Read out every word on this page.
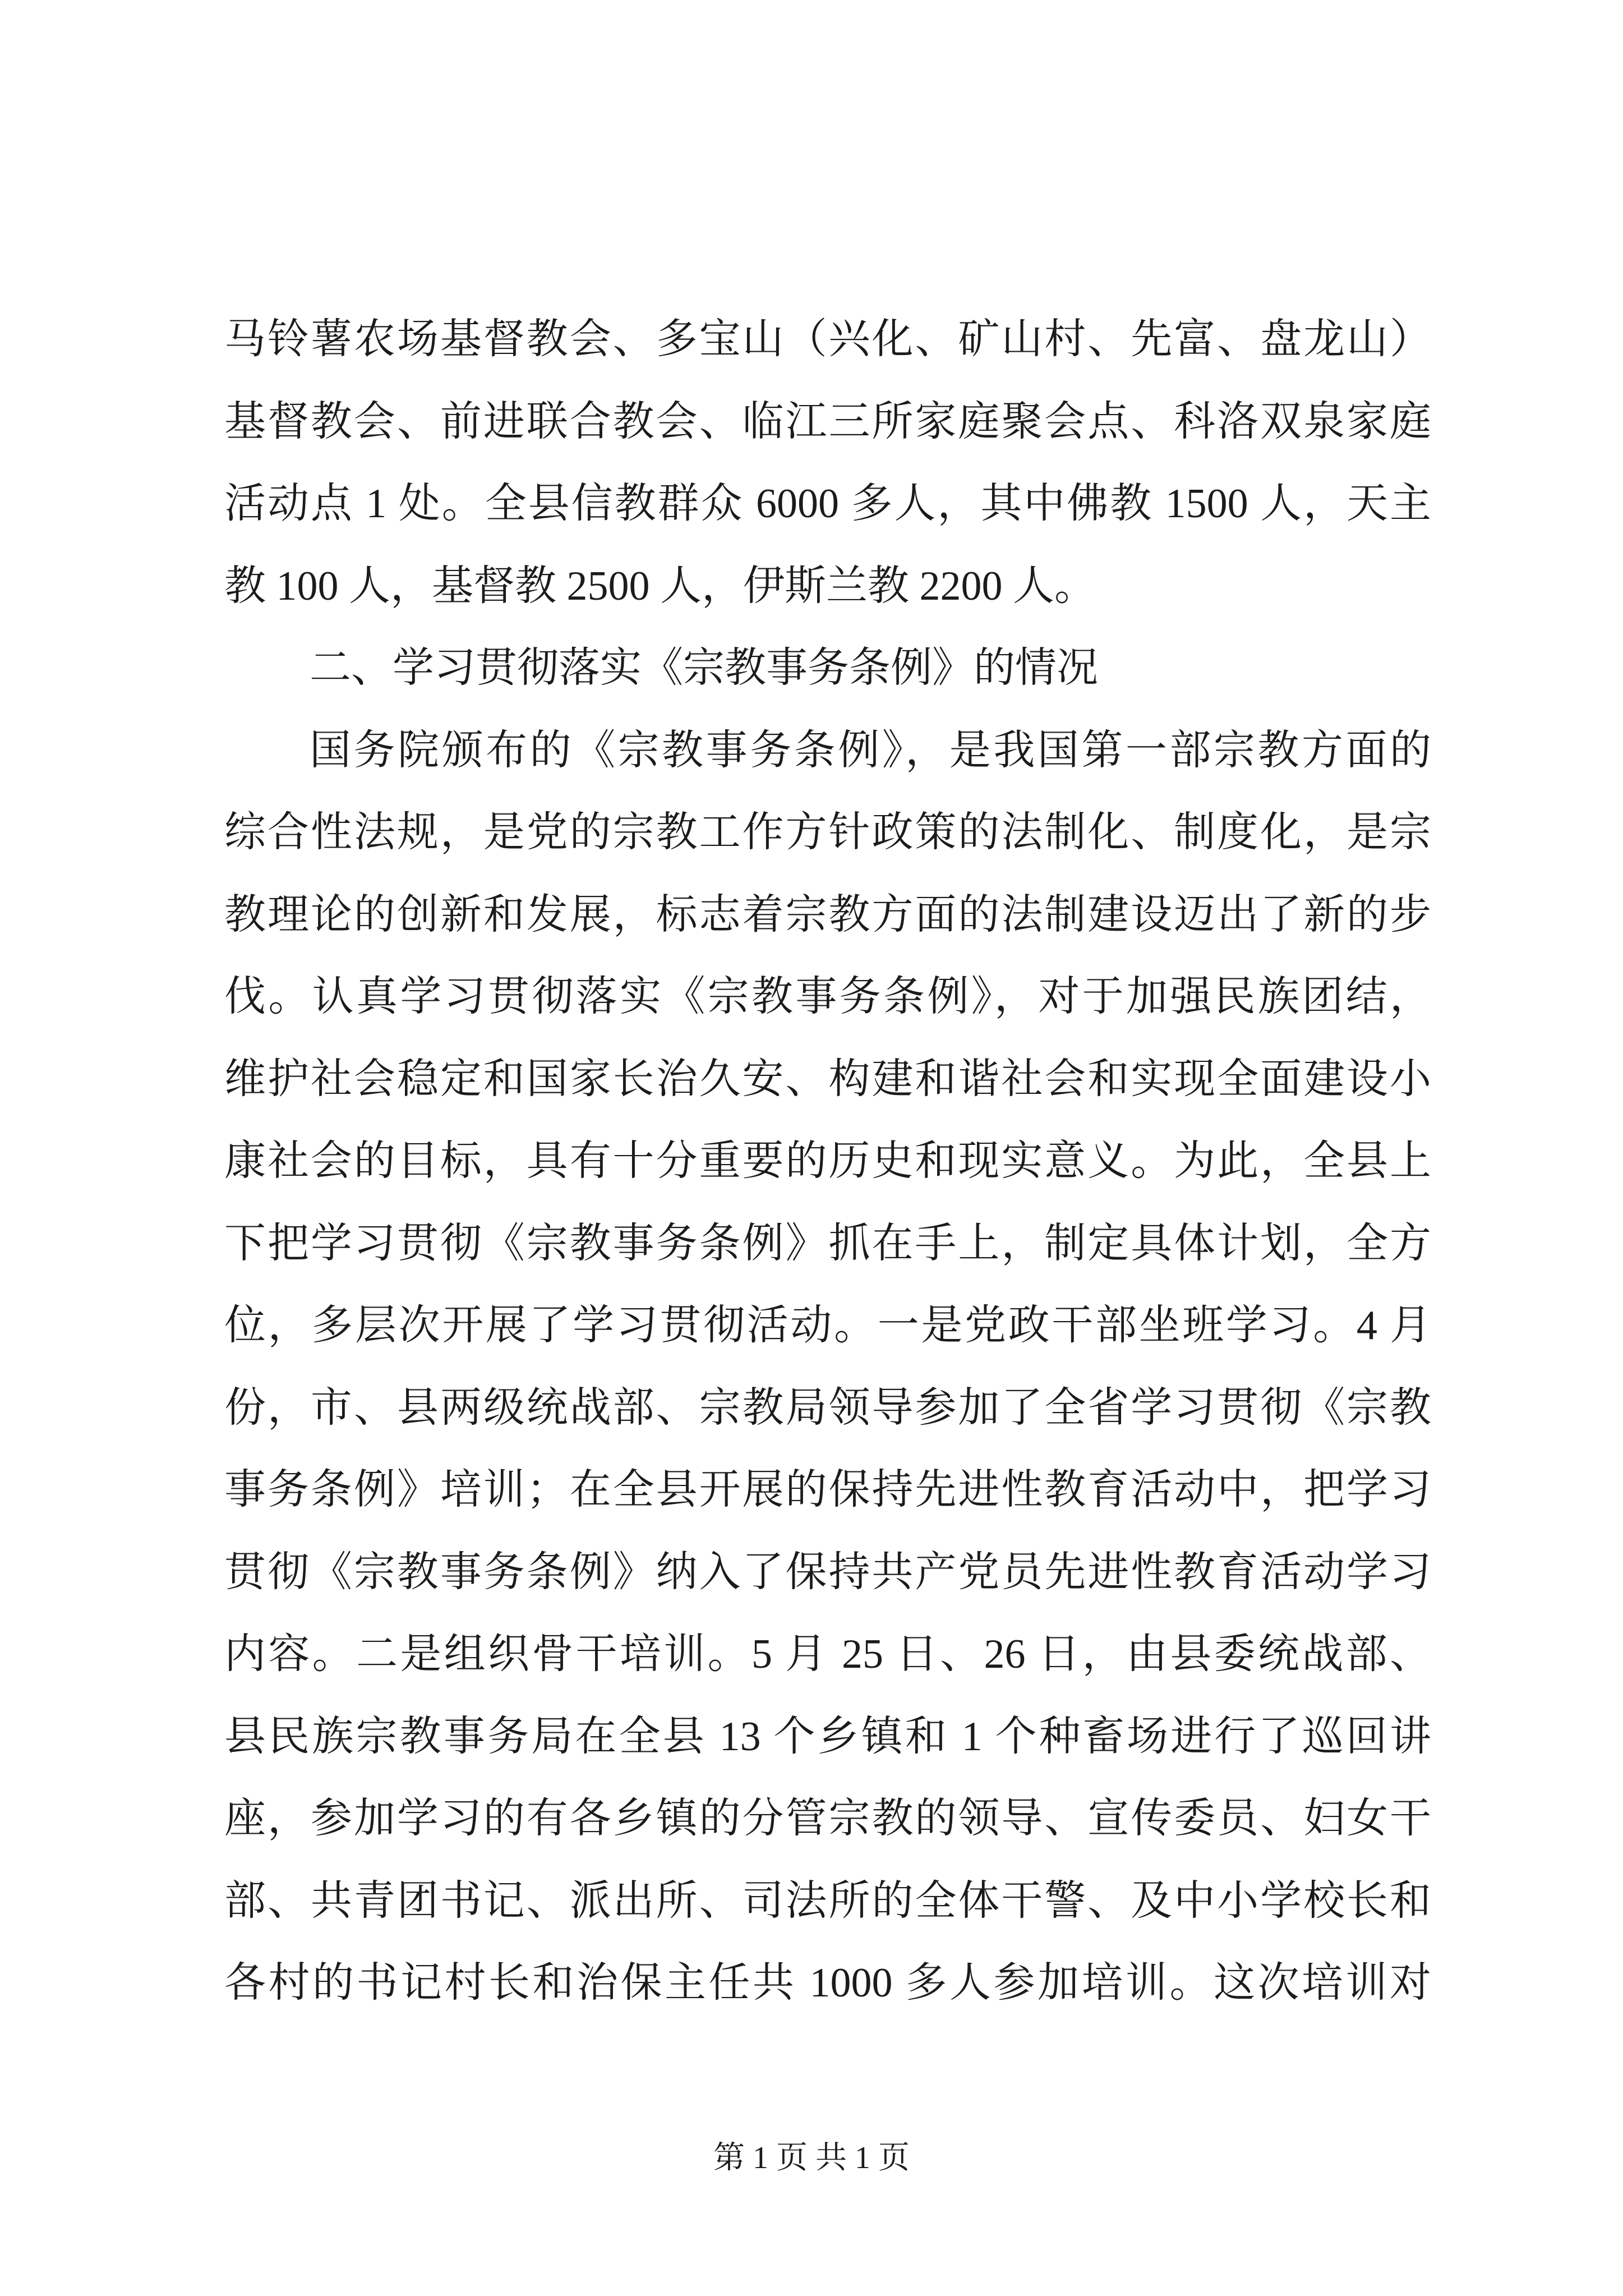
马铃薯农场基督教会、多宝山（兴化、矿山村、先富、盘龙山）
基督教会、前进联合教会、临江三所家庭聚会点、科洛双泉家庭
活动点 1 处。全县信教群众 6000 多人，其中佛教 1500 人，天主
教 100 人，基督教 2500 人，伊斯兰教 2200 人。
二、学习贯彻落实《宗教事务条例》的情况
国务院颁布的《宗教事务条例》，是我国第一部宗教方面的
综合性法规，是党的宗教工作方针政策的法制化、制度化，是宗
教理论的创新和发展，标志着宗教方面的法制建设迈出了新的步
伐。认真学习贯彻落实《宗教事务条例》，对于加强民族团结，
维护社会稳定和国家长治久安、构建和谐社会和实现全面建设小
康社会的目标，具有十分重要的历史和现实意义。为此，全县上
下把学习贯彻《宗教事务条例》抓在手上，制定具体计划，全方
位，多层次开展了学习贯彻活动。一是党政干部坐班学习。4 月
份，市、县两级统战部、宗教局领导参加了全省学习贯彻《宗教
事务条例》培训；在全县开展的保持先进性教育活动中，把学习
贯彻《宗教事务条例》纳入了保持共产党员先进性教育活动学习
内容。二是组织骨干培训。5 月 25 日、26 日，由县委统战部、
县民族宗教事务局在全县 13 个乡镇和 1 个种畜场进行了巡回讲
座，参加学习的有各乡镇的分管宗教的领导、宣传委员、妇女干
部、共青团书记、派出所、司法所的全体干警、及中小学校长和
各村的书记村长和治保主任共 1000 多人参加培训。这次培训对
第 1 页 共 1 页
